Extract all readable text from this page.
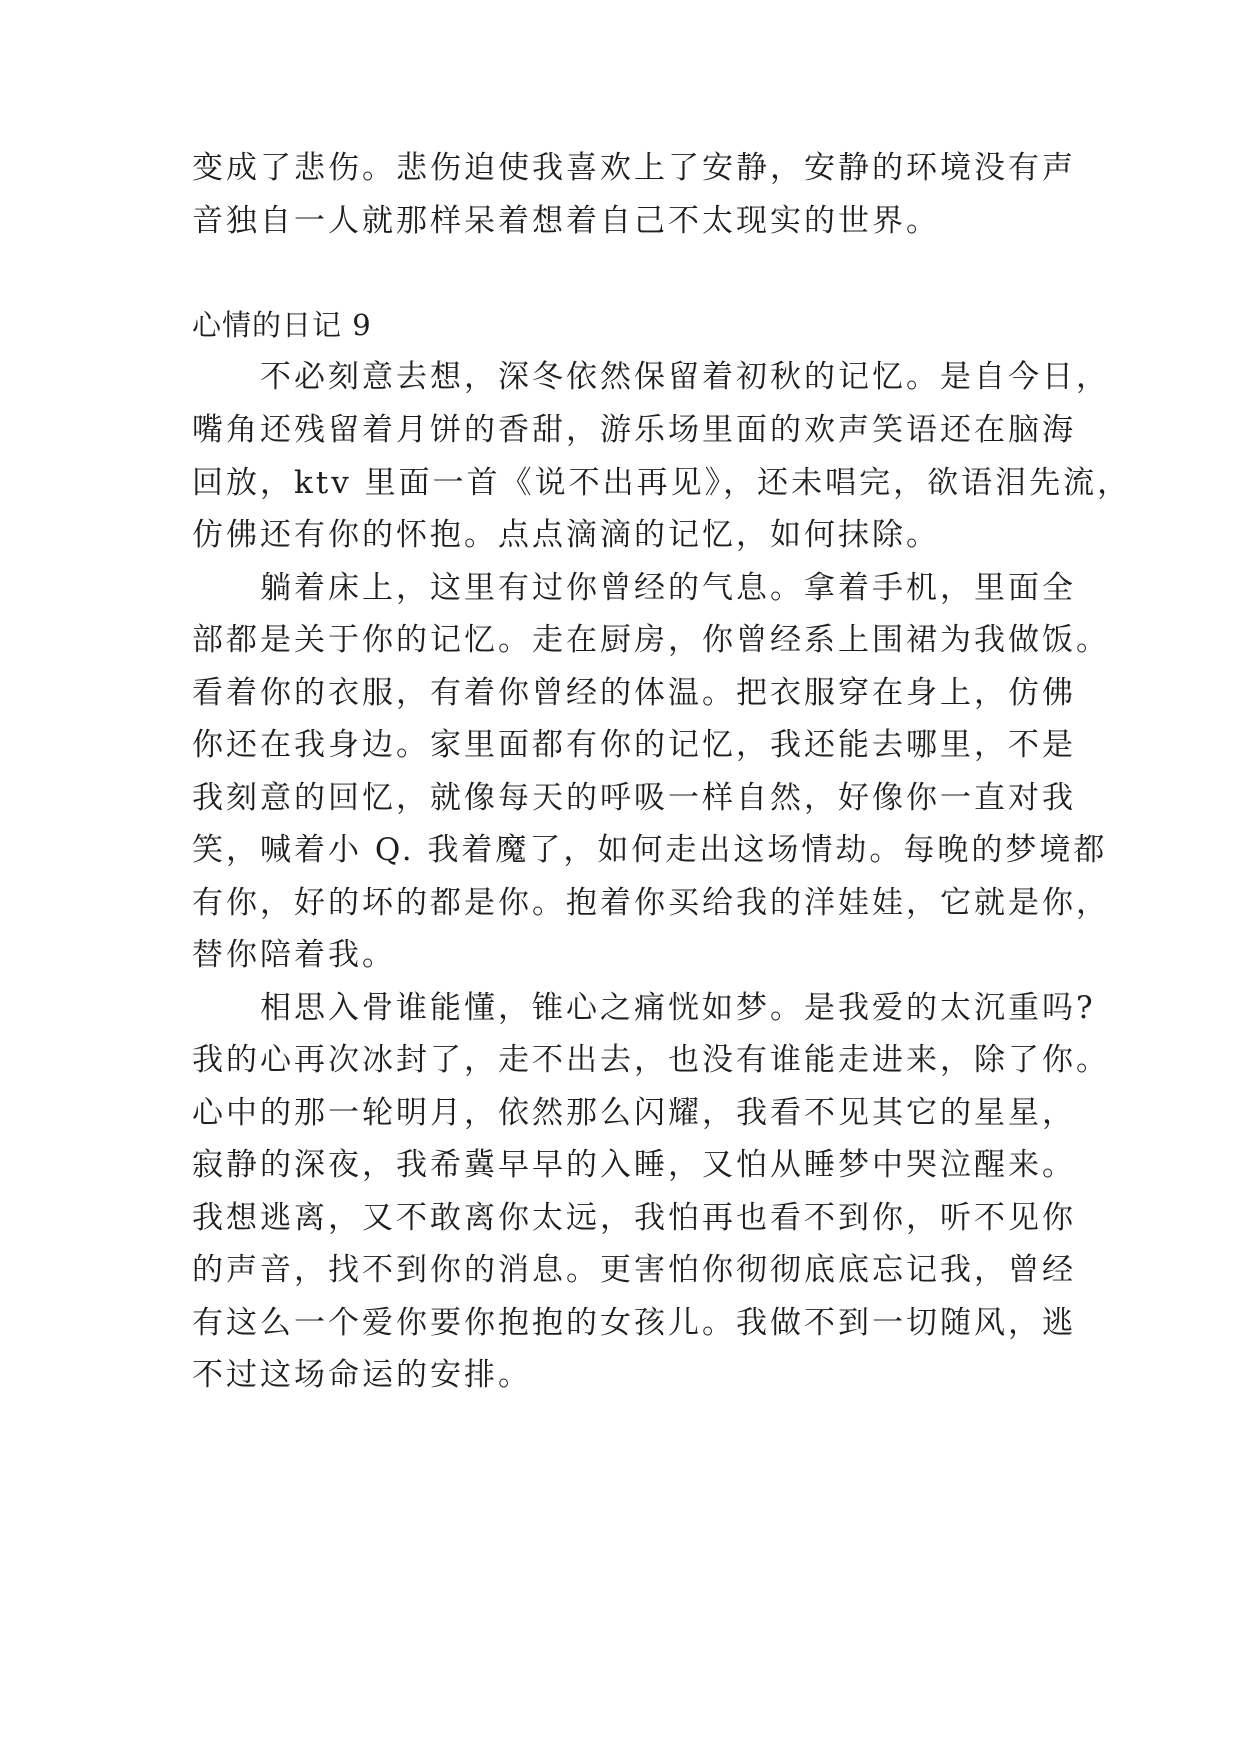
变成了悲伤。悲伤迫使我喜欢上了安静，安静的环境没有声
音独自一人就那样呆着想着自己不太现实的世界。
心情的日记 9
　　不必刻意去想，深冬依然保留着初秋的记忆。是自今日，
嘴角还残留着月饼的香甜，游乐场里面的欢声笑语还在脑海
回放，ktv 里面一首《说不出再见》，还未唱完，欲语泪先流，
仿佛还有你的怀抱。点点滴滴的记忆，如何抹除。
　　躺着床上，这里有过你曾经的气息。拿着手机，里面全
部都是关于你的记忆。走在厨房，你曾经系上围裙为我做饭。
看着你的衣服，有着你曾经的体温。把衣服穿在身上，仿佛
你还在我身边。家里面都有你的记忆，我还能去哪里，不是
我刻意的回忆，就像每天的呼吸一样自然，好像你一直对我
笑，喊着小 Q. 我着魔了，如何走出这场情劫。每晚的梦境都
有你，好的坏的都是你。抱着你买给我的洋娃娃，它就是你，
替你陪着我。
　　相思入骨谁能懂，锥心之痛恍如梦。是我爱的太沉重吗?
我的心再次冰封了，走不出去，也没有谁能走进来，除了你。
心中的那一轮明月，依然那么闪耀，我看不见其它的星星，
寂静的深夜，我希冀早早的入睡，又怕从睡梦中哭泣醒来。
我想逃离，又不敢离你太远，我怕再也看不到你，听不见你
的声音，找不到你的消息。更害怕你彻彻底底忘记我，曾经
有这么一个爱你要你抱抱的女孩儿。我做不到一切随风，逃
不过这场命运的安排。
